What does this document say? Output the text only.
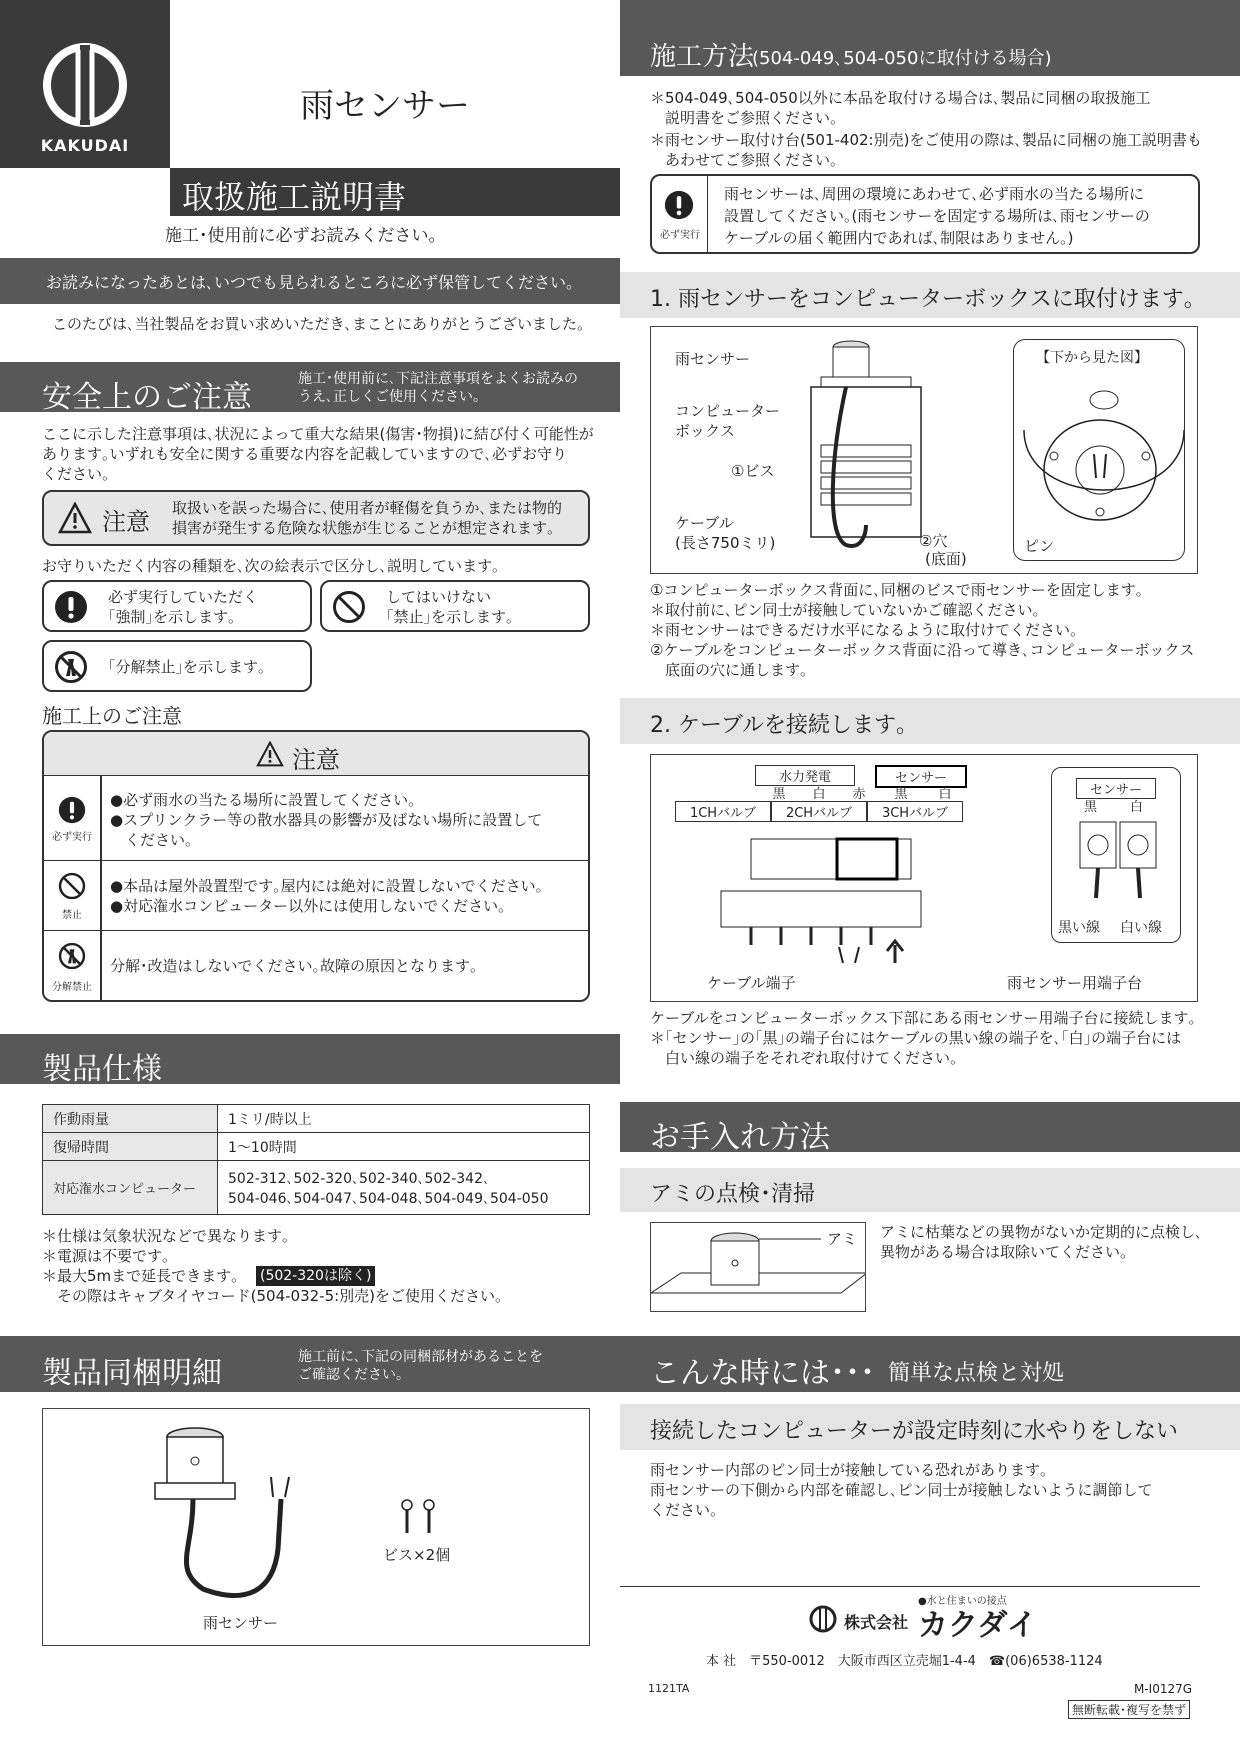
KAKUDAI
雨センサー
取扱施工説明書
施工･使用前に必ずお読みください。
お読みになったあとは､いつでも見られるところに必ず保管してください｡
このたびは､当社製品をお買い求めいただき､まことにありがとうございました｡
安全上のご注意
施工･使用前に､下記注意事項をよくお読みの
うえ､正しくご使用ください｡
ここに示した注意事項は､状況によって重大な結果(傷害･物損)に結び付く可能性が
あります｡いずれも安全に関する重要な内容を記載していますので､必ずお守り
ください｡
注意 取扱いを誤った場合に､使用者が軽傷を負うか､または物的
損害が発生する危険な状態が生じることが想定されます｡
お守りいただく内容の種類を､次の絵表示で区分し､説明しています｡
必ず実行していただく
｢強制｣を示します｡
してはいけない
｢禁止｣を示します｡
｢分解禁止｣を示します｡
施工上のご注意
注意
必ず実行
●必ず雨水の当たる場所に設置してください｡
●スプリンクラー等の散水器具の影響が及ばない場所に設置して
　ください｡
禁止
●本品は屋外設置型です｡屋内には絶対に設置しないでください｡
●対応潅水コンピューター以外には使用しないでください｡
分解禁止
分解･改造はしないでください｡故障の原因となります｡
製品仕様
作動雨量	1ミリ/時以上
復帰時間	1～10時間
対応潅水コンピューター	502-312､502-320､502-340､502-342､
504-046､504-047､504-048､504-049､504-050
＊仕様は気象状況などで異なります｡
＊電源は不要です｡
＊最大5mまで延長できます｡ (502-320は除く)
　その際はキャブタイヤコード(504-032-5:別売)をご使用ください｡
製品同梱明細	施工前に､下記の同梱部材があることを
ご確認ください｡
ビス×2個
雨センサー
施工方法
(504-049､504-050に取付ける場合)
＊504-049､504-050以外に本品を取付ける場合は､製品に同梱の取扱施工
　説明書をご参照ください｡
＊雨センサー取付け台(501-402:別売)をご使用の際は､製品に同梱の施工説明書も
　あわせてご参照ください｡
必ず実行
雨センサーは､周囲の環境にあわせて､必ず雨水の当たる場所に
設置してください｡(雨センサーを固定する場所は､雨センサーの
ケーブルの届く範囲内であれば､制限はありません｡)
1. 雨センサーをコンピューターボックスに取付けます｡
雨センサー
コンピューター
ボックス
①ビス
ケーブル
(長さ750ミリ)	②穴
(底面)
【下から見た図】
ピン
①コンピューターボックス背面に､同梱のビスで雨センサーを固定します｡
＊取付前に､ピン同士が接触していないかご確認ください｡
＊雨センサーはできるだけ水平になるように取付けてください｡
②ケーブルをコンピューターボックス背面に沿って導き､コンピューターボックス
　底面の穴に通します｡
2. ケーブルを接続します｡
水力発電	センサー
1CHバルブ	2CHバルブ	3CHバルブ
黒	白	赤	黒	白	センサー
黒	白
黒い線 白い線
ケーブル端子	雨センサー用端子台
ケーブルをコンピューターボックス下部にある雨センサー用端子台に接続します｡
＊｢センサー｣の｢黒｣の端子台にはケーブルの黒い線の端子を､｢白｣の端子台には
　白い線の端子をそれぞれ取付けてください｡
お手入れ方法
アミの点検･清掃
アミ アミに枯葉などの異物がないか定期的に点検し､
異物がある場合は取除いてください｡
こんな時には･･･ 簡単な点検と対処
接続したコンピューターが設定時刻に水やりをしない
雨センサー内部のピン同士が接触している恐れがあります｡
雨センサーの下側から内部を確認し､ピン同士が接触しないように調節して
ください｡
●水と住まいの接点
株式会社 カクダイ
本 社　〒550-0012　大阪市西区立売堀1-4-4　☎(06)6538-1124
1121TA	M-I0127G
無断転載･複写を禁ず
